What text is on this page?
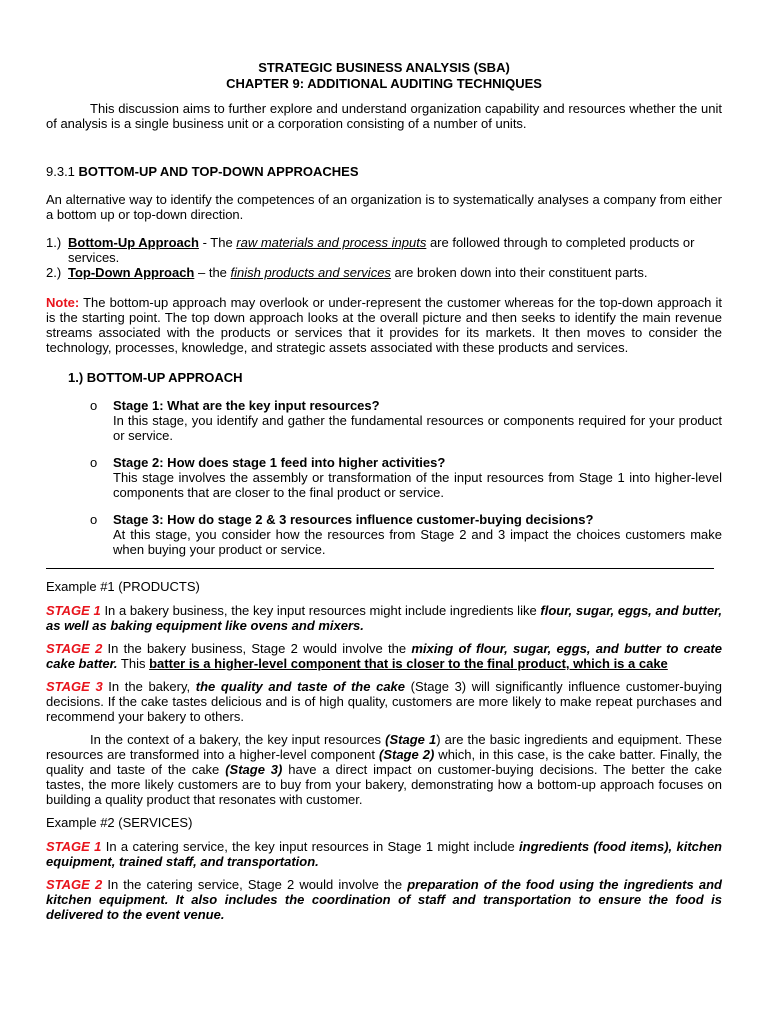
STRATEGIC BUSINESS ANALYSIS (SBA)
CHAPTER 9: ADDITIONAL AUDITING TECHNIQUES

This discussion aims to further explore and understand organization capability and resources whether the unit of analysis is a single business unit or a corporation consisting of a number of units.

9.3.1 BOTTOM-UP AND TOP-DOWN APPROACHES

An alternative way to identify the competences of an organization is to systematically analyses a company from either a bottom up or top-down direction.

1.) Bottom-Up Approach - The raw materials and process inputs are followed through to completed products or services.
2.) Top-Down Approach – the finish products and services are broken down into their constituent parts.

Note: The bottom-up approach may overlook or under-represent the customer whereas for the top-down approach it is the starting point. The top down approach looks at the overall picture and then seeks to identify the main revenue streams associated with the products or services that it provides for its markets. It then moves to consider the technology, processes, knowledge, and strategic assets associated with these products and services.

1.) BOTTOM-UP APPROACH

o Stage 1: What are the key input resources?
In this stage, you identify and gather the fundamental resources or components required for your product or service.
o Stage 2: How does stage 1 feed into higher activities?
This stage involves the assembly or transformation of the input resources from Stage 1 into higher-level components that are closer to the final product or service.
o Stage 3: How do stage 2 & 3 resources influence customer-buying decisions?
At this stage, you consider how the resources from Stage 2 and 3 impact the choices customers make when buying your product or service.

Example #1 (PRODUCTS)

STAGE 1 In a bakery business, the key input resources might include ingredients like flour, sugar, eggs, and butter, as well as baking equipment like ovens and mixers.

STAGE 2 In the bakery business, Stage 2 would involve the mixing of flour, sugar, eggs, and butter to create cake batter. This batter is a higher-level component that is closer to the final product, which is a cake

STAGE 3 In the bakery, the quality and taste of the cake (Stage 3) will significantly influence customer-buying decisions. If the cake tastes delicious and is of high quality, customers are more likely to make repeat purchases and recommend your bakery to others.

In the context of a bakery, the key input resources (Stage 1) are the basic ingredients and equipment. These resources are transformed into a higher-level component (Stage 2) which, in this case, is the cake batter. Finally, the quality and taste of the cake (Stage 3) have a direct impact on customer-buying decisions. The better the cake tastes, the more likely customers are to buy from your bakery, demonstrating how a bottom-up approach focuses on building a quality product that resonates with customer.

Example #2 (SERVICES)

STAGE 1 In a catering service, the key input resources in Stage 1 might include ingredients (food items), kitchen equipment, trained staff, and transportation.

STAGE 2 In the catering service, Stage 2 would involve the preparation of the food using the ingredients and kitchen equipment. It also includes the coordination of staff and transportation to ensure the food is delivered to the event venue.
